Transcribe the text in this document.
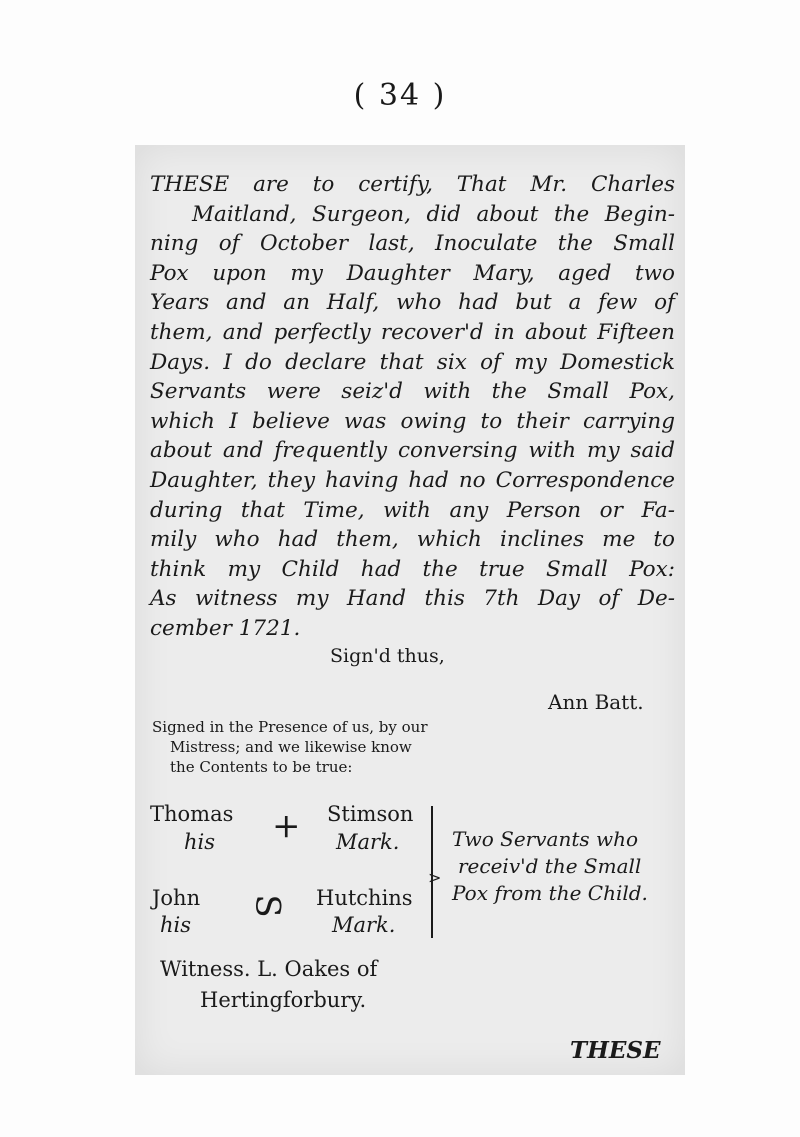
( 34 )
THESE are to certify, That Mr. Charles
Maitland, Surgeon, did about the Begin-
ning of October last, Inoculate the Small
Pox upon my Daughter Mary, aged two
Years and an Half, who had but a few of
them, and perfectly recover'd in about Fifteen
Days. I do declare that six of my Domestick
Servants were seiz'd with the Small Pox,
which I believe was owing to their carrying
about and frequently conversing with my said
Daughter, they having had no Correspondence
during that Time, with any Person or Fa-
mily who had them, which inclines me to
think my Child had the true Small Pox:
As witness my Hand this 7th Day of De-
cember 1721.
Sign'd thus,
Ann Batt.
Signed in the Presence of us, by our
Mistress; and we likewise know
the Contents to be true:
Thomas	Stimson
his	Mark.
+
John	Hutchins
his	Mark.
S
>
Two Servants who
receiv'd the Small
Pox from the Child.
Witness. L. Oakes of
Hertingforbury.
THESE
